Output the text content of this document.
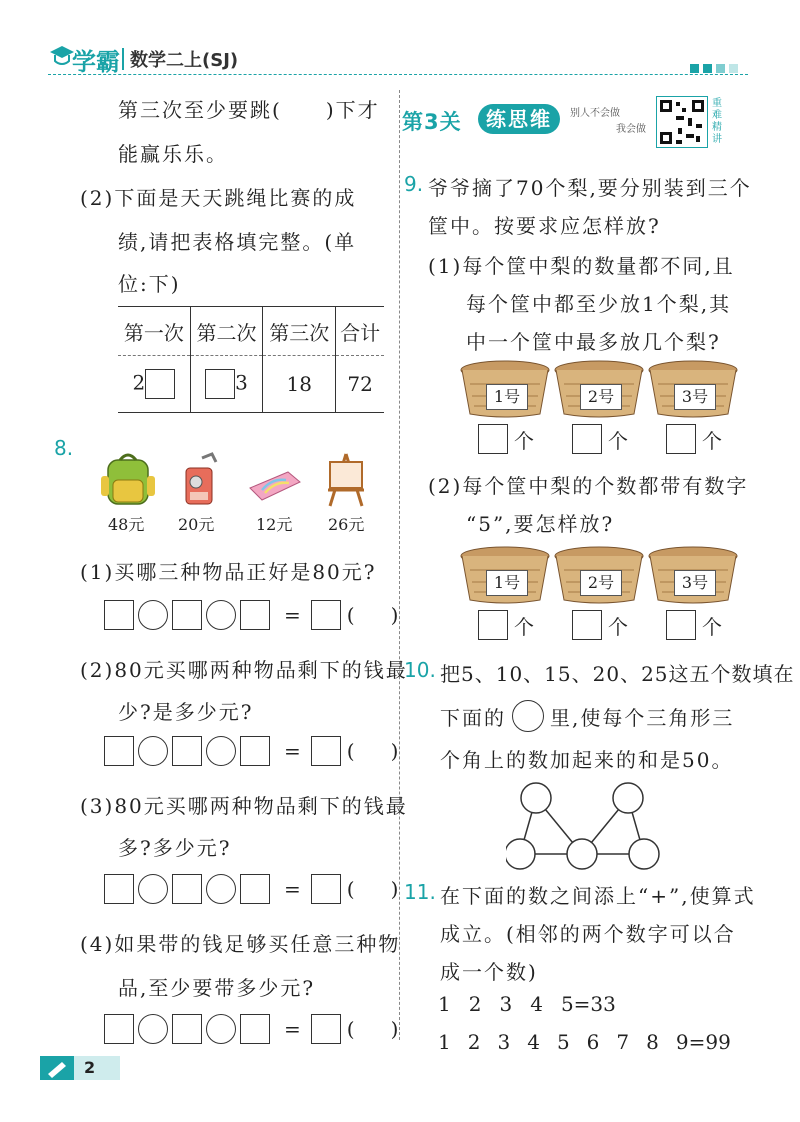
学霸 数学二上(SJ)
第三次至少要跳( )下才
能赢乐乐。
(2)下面是天天跳绳比赛的成
绩,请把表格填完整。(单
位:下)
第一次	第二次	第三次	合计
2	3	18	72
8.
48元 20元	12元 26元
(1)买哪三种物品正好是80元?
= ( )
(2)80元买哪两种物品剩下的钱最
少?是多少元?
= ( )
(3)80元买哪两种物品剩下的钱最
多?多少元?
= ( )
(4)如果带的钱足够买任意三种物
品,至少要带多少元?
= ( )
第3关	练思维	别人不会做
我会做
重难精讲
9. 爷爷摘了70个梨,要分别装到三个
筐中。按要求应怎样放?
(1)每个筐中梨的数量都不同,且
每个筐中都至少放1个梨,其
中一个筐中最多放几个梨?
1号	2号	3号
个	个	个
(2)每个筐中梨的个数都带有数字
“5”,要怎样放?
1号	2号	3号
个	个	个
10. 把5、10、15、20、25这五个数填在
下面的 里,使每个三角形三
个角上的数加起来的和是50。
11. 在下面的数之间添上“+”,使算式
成立。(相邻的两个数字可以合
成一个数)
1 2 3 4 5=33
1 2 3 4 5 6 7 8 9=99
2
